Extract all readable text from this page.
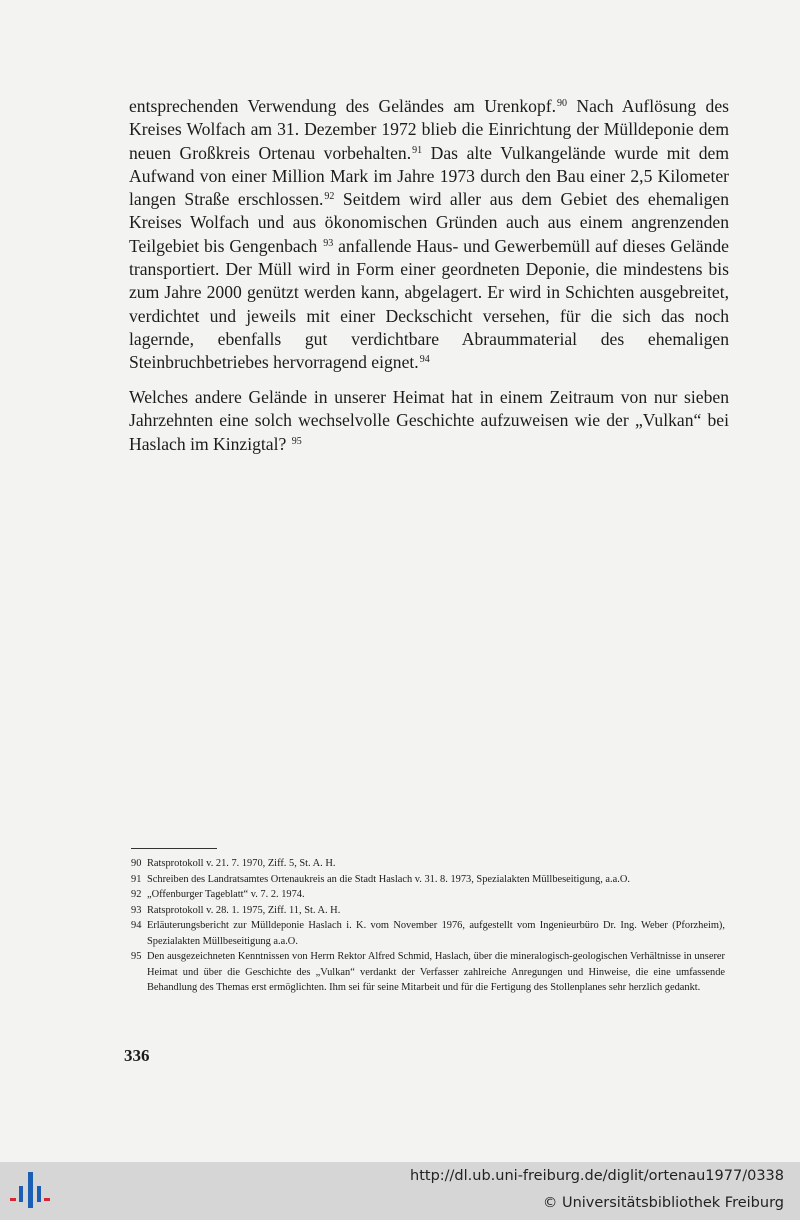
entsprechenden Verwendung des Geländes am Urenkopf.$^{90}$ Nach Auflösung des Kreises Wolfach am 31. Dezember 1972 blieb die Einrichtung der Mülldeponie dem neuen Großkreis Ortenau vorbehalten.$^{91}$ Das alte Vulkangelände wurde mit dem Aufwand von einer Million Mark im Jahre 1973 durch den Bau einer 2,5 Kilometer langen Straße erschlossen.$^{92}$ Seitdem wird aller aus dem Gebiet des ehemaligen Kreises Wolfach und aus ökonomischen Gründen auch aus einem angrenzenden Teilgebiet bis Gengenbach $^{93}$ anfallende Haus- und Gewerbemüll auf dieses Gelände transportiert. Der Müll wird in Form einer geordneten Deponie, die mindestens bis zum Jahre 2000 genützt werden kann, abgelagert. Er wird in Schichten ausgebreitet, verdichtet und jeweils mit einer Deckschicht versehen, für die sich das noch lagernde, ebenfalls gut verdichtbare Abraummaterial des ehemaligen Steinbruchbetriebes hervorragend eignet.$^{94}$

Welches andere Gelände in unserer Heimat hat in einem Zeitraum von nur sieben Jahrzehnten eine solch wechselvolle Geschichte aufzuweisen wie der „Vulkan“ bei Haslach im Kinzigtal? $^{95}$

90 Ratsprotokoll v. 21. 7. 1970, Ziff. 5, St. A. H.
91 Schreiben des Landratsamtes Ortenaukreis an die Stadt Haslach v. 31. 8. 1973, Spezialakten Müllbeseitigung, a.a.O.
92 „Offenburger Tageblatt“ v. 7. 2. 1974.
93 Ratsprotokoll v. 28. 1. 1975, Ziff. 11, St. A. H.
94 Erläuterungsbericht zur Mülldeponie Haslach i. K. vom November 1976, aufgestellt vom Ingenieurbüro Dr. Ing. Weber (Pforzheim), Spezialakten Müllbeseitigung a.a.O.
95 Den ausgezeichneten Kenntnissen von Herrn Rektor Alfred Schmid, Haslach, über die mineralogisch-geologischen Verhältnisse in unserer Heimat und über die Geschichte des „Vulkan“ verdankt der Verfasser zahlreiche Anregungen und Hinweise, die eine umfassende Behandlung des Themas erst ermöglichten. Ihm sei für seine Mitarbeit und für die Fertigung des Stollenplanes sehr herzlich gedankt.
336
http://dl.ub.uni-freiburg.de/diglit/ortenau1977/0338
© Universitätsbibliothek Freiburg
